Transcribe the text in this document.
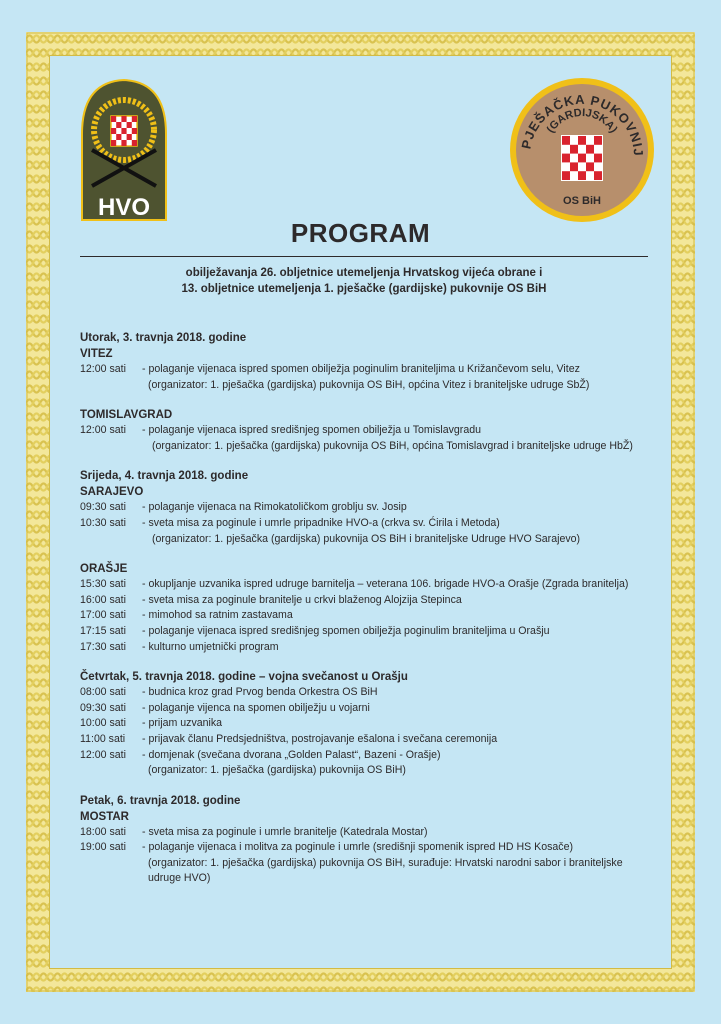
HVO
PJEŠAČKA PUKOVNIJ
(GARDIJSKA)
OS BiH
PROGRAM
obilježavanja 26. obljetnice utemeljenja Hrvatskog vijeća obrane i
13. obljetnice utemeljenja 1. pješačke (gardijske) pukovnije OS BiH
Utorak, 3. travnja 2018. godine
VITEZ
12:00 sati	- polaganje vijenaca ispred spomen obilježja poginulim braniteljima u Križančevom selu, Vitez
(organizator: 1. pješačka (gardijska) pukovnija OS BiH, općina Vitez i braniteljske udruge SbŽ)
TOMISLAVGRAD
12:00 sati	- polaganje vijenaca ispred središnjeg spomen obilježja u Tomislavgradu
(organizator: 1. pješačka (gardijska) pukovnija OS BiH, općina Tomislavgrad i braniteljske udruge HbŽ)
Srijeda, 4. travnja 2018. godine
SARAJEVO
09:30 sati	- polaganje vijenaca na Rimokatoličkom groblju sv. Josip
10:30 sati	- sveta misa za poginule i umrle pripadnike HVO-a (crkva sv. Ćirila i Metoda)
(organizator: 1. pješačka (gardijska) pukovnija OS BiH i braniteljske Udruge HVO Sarajevo)
ORAŠJE
15:30 sati	- okupljanje uzvanika ispred udruge barnitelja – veterana 106. brigade HVO-a Orašje (Zgrada branitelja)
16:00 sati	- sveta misa za poginule branitelje u crkvi blaženog Alojzija Stepinca
17:00 sati	- mimohod sa ratnim zastavama
17:15 sati	- polaganje vijenaca ispred središnjeg spomen obilježja poginulim braniteljima u Orašju
17:30 sati	- kulturno umjetnički program
Četvrtak, 5. travnja 2018. godine – vojna svečanost u Orašju
08:00 sati	- budnica kroz grad Prvog benda Orkestra OS BiH
09:30 sati	- polaganje vijenca na spomen obilježju u vojarni
10:00 sati	- prijam uzvanika
11:00 sati	- prijavak članu Predsjedništva, postrojavanje ešalona i svečana ceremonija
12:00 sati	- domjenak (svečana dvorana „Golden Palast“, Bazeni - Orašje)
(organizator: 1. pješačka (gardijska) pukovnija OS BiH)
Petak, 6. travnja 2018. godine
MOSTAR
18:00 sati	- sveta misa za poginule i umrle branitelje (Katedrala Mostar)
19:00 sati	- polaganje vijenaca i molitva za poginule i umrle (središnji spomenik ispred HD HS Kosače)
(organizator: 1. pješačka (gardijska) pukovnija OS BiH, surađuje: Hrvatski narodni sabor i braniteljske udruge HVO)
